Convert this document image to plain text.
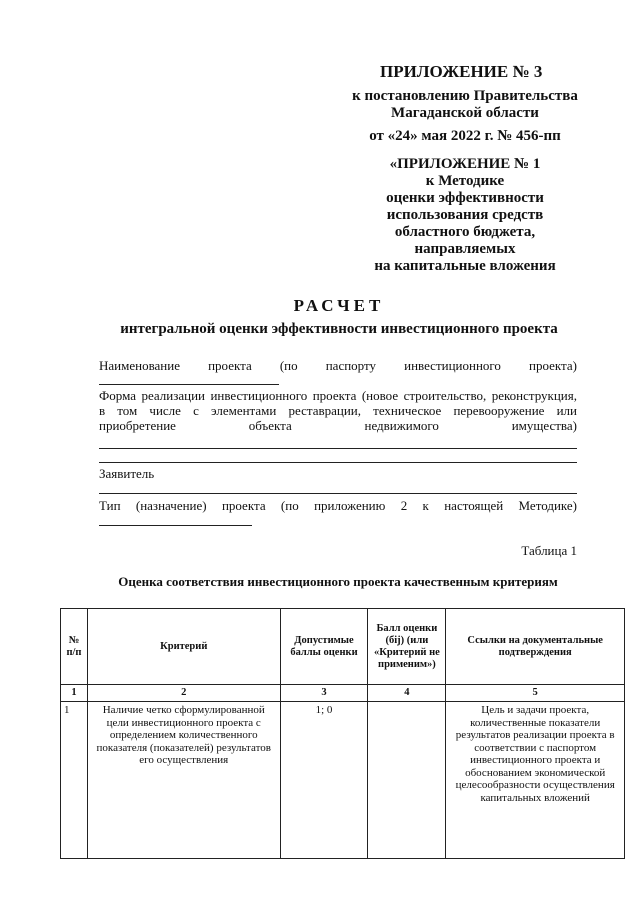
ПРИЛОЖЕНИЕ № 3
к постановлению Правительства
Магаданской области
от «24» мая 2022 г. № 456-пп
«ПРИЛОЖЕНИЕ № 1
к Методике
оценки эффективности
использования средств
областного бюджета,
направляемых
на капитальные вложения
РАСЧЕТ
интегральной оценки эффективности инвестиционного проекта
Наименование проекта (по паспорту инвестиционного проекта)
Форма реализации инвестиционного проекта (новое строительство, реконструкция,
в том числе с элементами реставрации, техническое перевооружение или
приобретение объекта недвижимого имущества)
Заявитель
Тип (назначение) проекта (по приложению 2 к настоящей Методике)
Таблица 1
Оценка соответствия инвестиционного проекта качественным критериям
№ п/п	Критерий	Допустимые баллы оценки	Балл оценки (бij) (или «Критерий не применим»)	Ссылки на документальные подтверждения
1	2	3	4	5
1	Наличие четко сформулированной цели инвестиционного проекта с определением количественного показателя (показателей) результатов его осуществления	1; 0		Цель и задачи проекта, количественные показатели результатов реализации проекта в соответствии с паспортом инвестиционного проекта и обоснованием экономической целесообразности осуществления капитальных вложений
